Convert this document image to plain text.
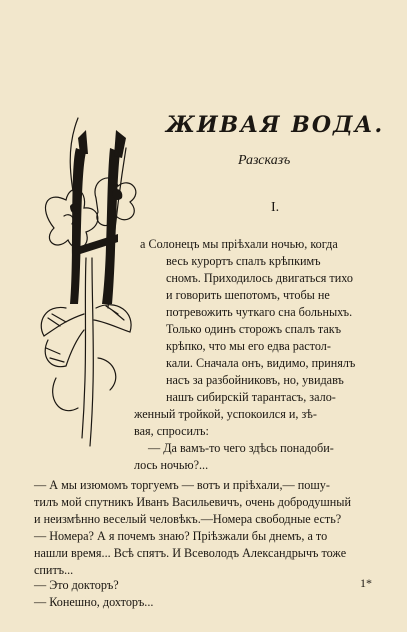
ЖИВАЯ ВОДА.
Разсказъ
I.
а Солонецъ мы пріѣхали ночью, когда
весь курортъ спалъ крѣпкимъ
сномъ. Приходилось двигаться тихо
и говорить шепотомъ, чтобы не
потревожить чуткаго сна больныхъ.
Только одинъ сторожъ спалъ такъ
крѣпко, что мы его едва растол-
кали. Сначала онъ, видимо, принялъ
насъ за разбойниковъ, но, увидавъ
нашъ сибирскій тарантасъ, зало-
женный тройкой, успокоился и, зѣ-
вая, спросилъ:
— Да вамъ-то чего здѣсь понадоби-
лось ночью?...
1*
— А мы изюмомъ торгуемъ — вотъ и пріѣхали,— пошу-
тилъ мой спутникъ Иванъ Васильевичъ, очень добродушный
и неизмѣнно веселый человѣкъ.—Номера свободные есть?
— Номера? А я почемъ знаю? Пріѣзжали бы днемъ, а то
нашли время... Всѣ спятъ. И Всеволодъ Александрычъ тоже
спитъ...
— Это докторъ?
— Конешно, дохторъ...
